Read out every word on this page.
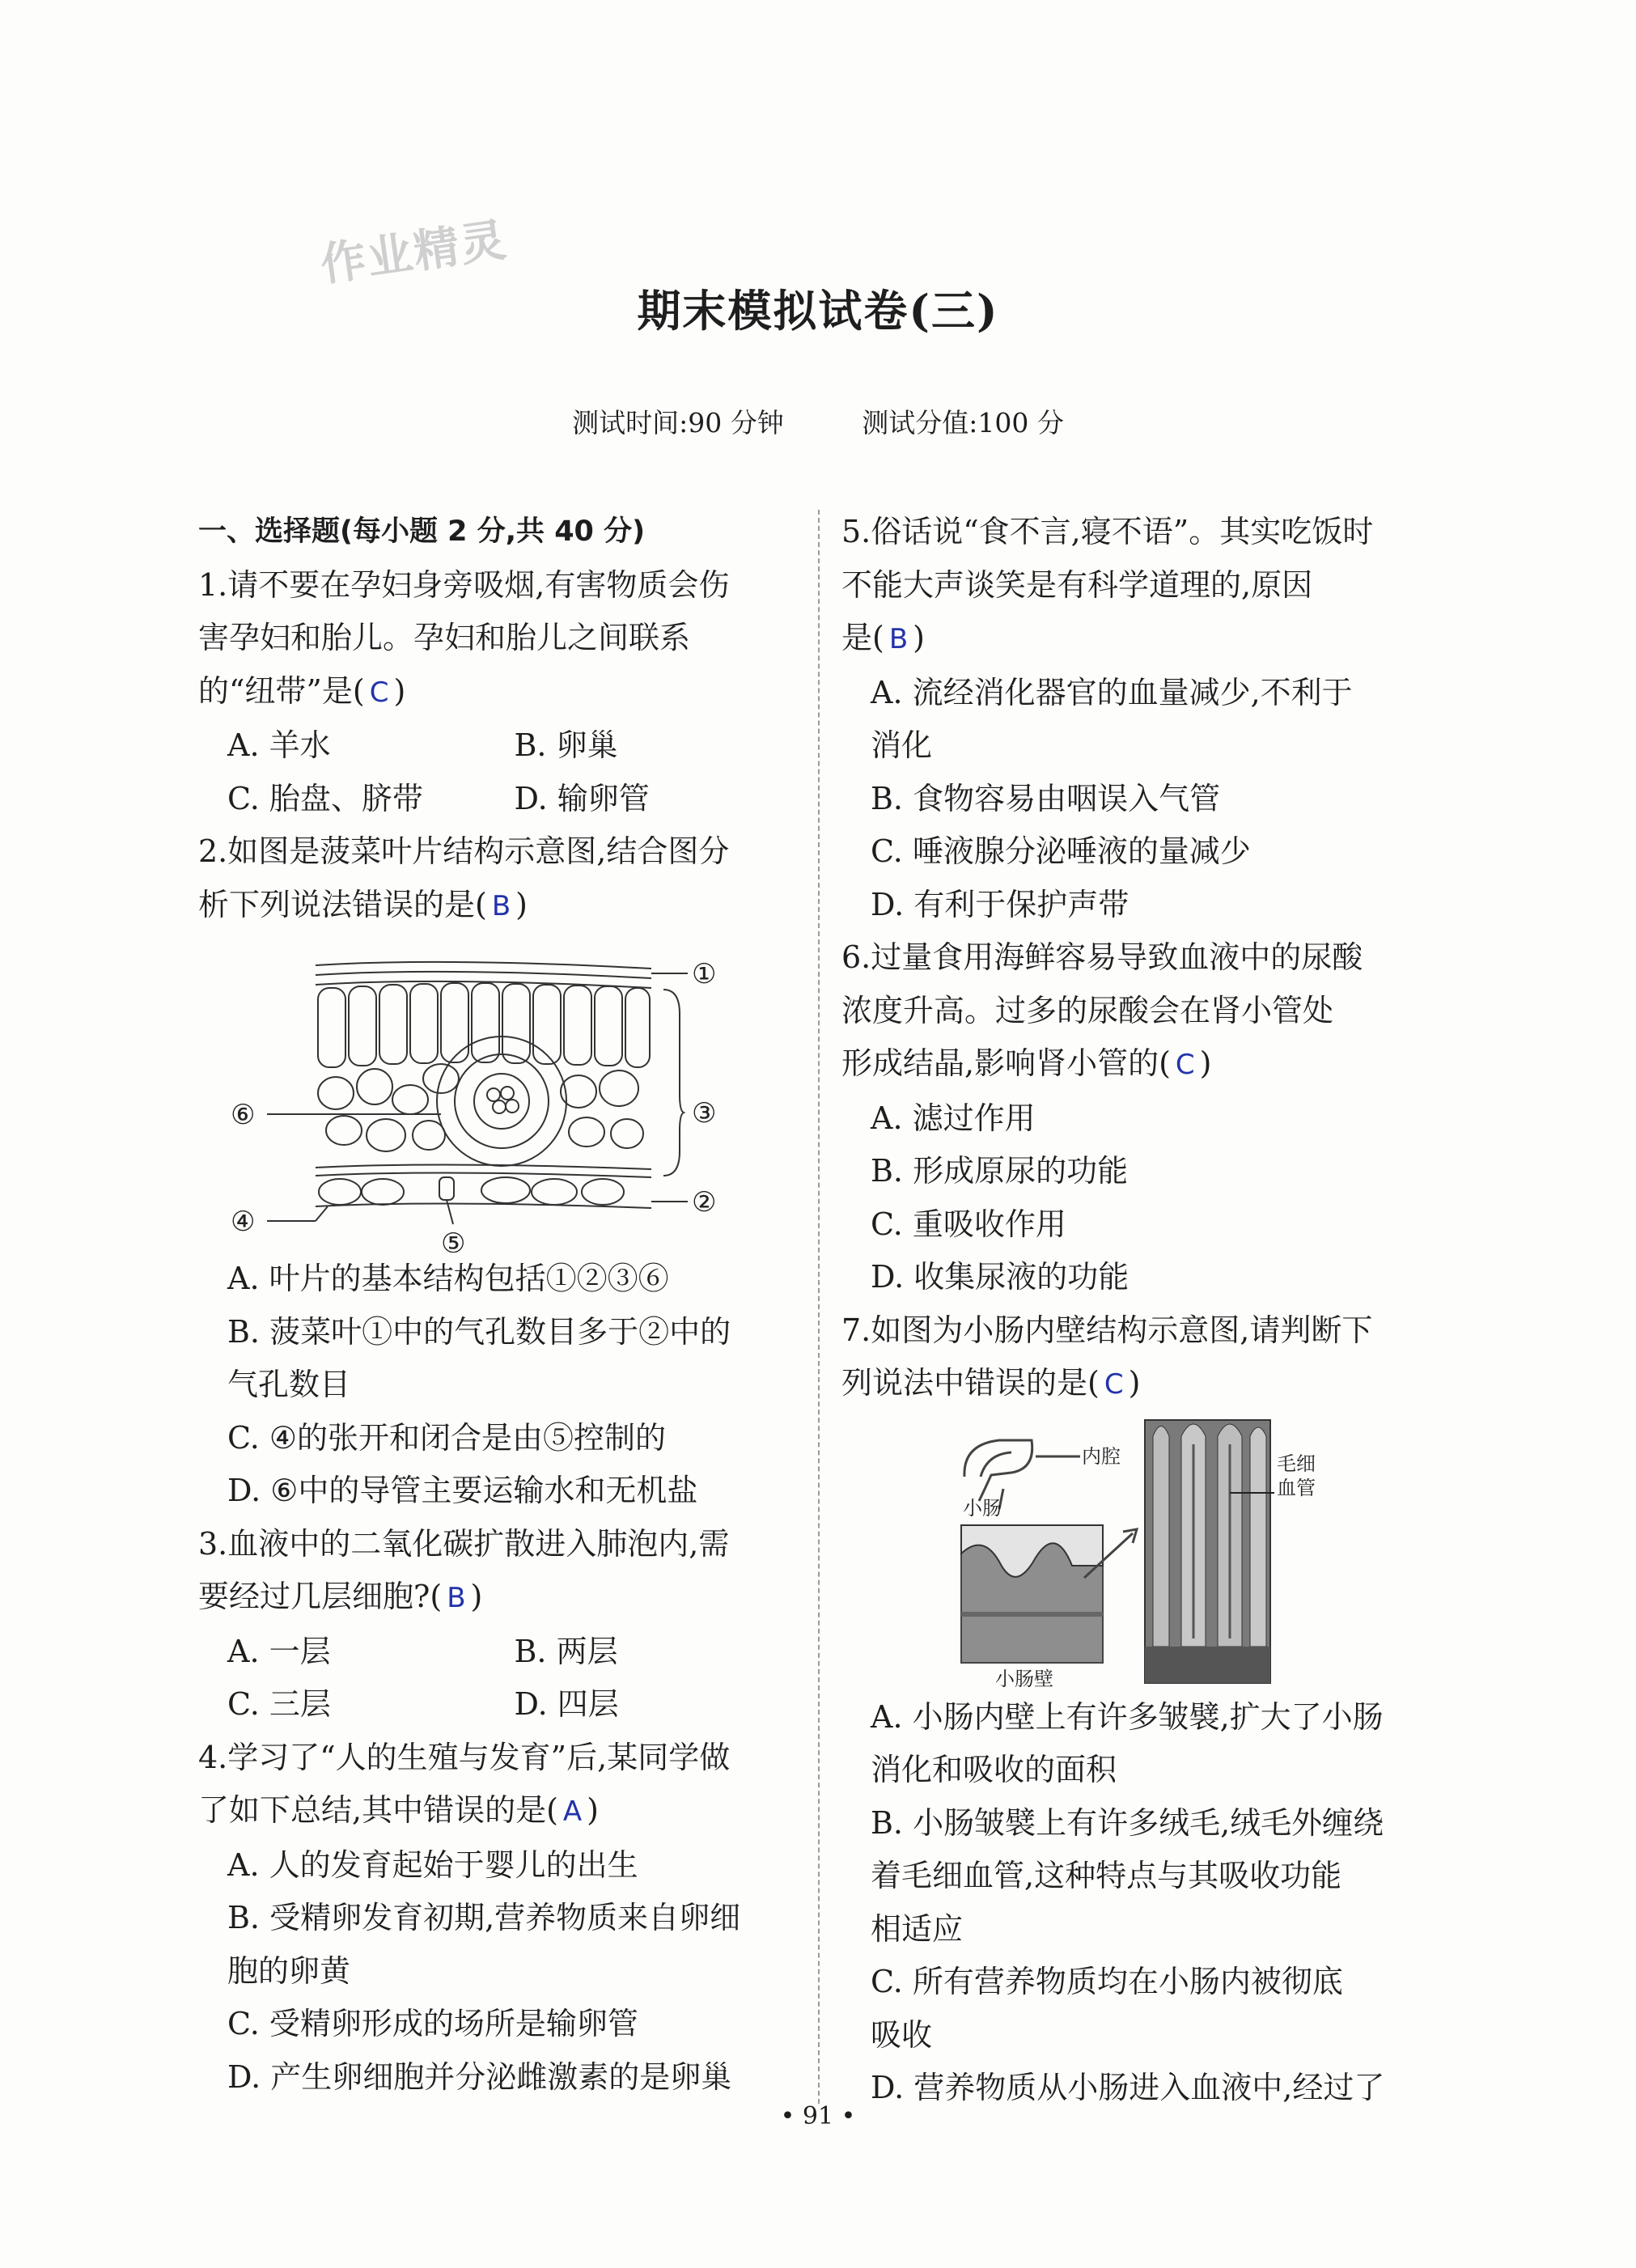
作业精灵
期末模拟试卷(三)
测试时间:90 分钟	测试分值:100 分
一、选择题(每小题 2 分,共 40 分)
1.请不要在孕妇身旁吸烟,有害物质会伤
害孕妇和胎儿。孕妇和胎儿之间联系
的“纽带”是( C )
A. 羊水	B. 卵巢
C. 胎盘、脐带	D. 输卵管
2.如图是菠菜叶片结构示意图,结合图分
析下列说法错误的是( B )
①
②
③
④
⑤
⑥
A. 叶片的基本结构包括①②③⑥
B. 菠菜叶①中的气孔数目多于②中的
气孔数目
C. ④的张开和闭合是由⑤控制的
D. ⑥中的导管主要运输水和无机盐
3.血液中的二氧化碳扩散进入肺泡内,需
要经过几层细胞?( B )
A. 一层	B. 两层
C. 三层	D. 四层
4.学习了“人的生殖与发育”后,某同学做
了如下总结,其中错误的是( A )
A. 人的发育起始于婴儿的出生
B. 受精卵发育初期,营养物质来自卵细
胞的卵黄
C. 受精卵形成的场所是输卵管
D. 产生卵细胞并分泌雌激素的是卵巢
5.俗话说“食不言,寝不语”。其实吃饭时
不能大声谈笑是有科学道理的,原因
是( B )
A. 流经消化器官的血量减少,不利于
消化
B. 食物容易由咽误入气管
C. 唾液腺分泌唾液的量减少
D. 有利于保护声带
6.过量食用海鲜容易导致血液中的尿酸
浓度升高。过多的尿酸会在肾小管处
形成结晶,影响肾小管的( C )
A. 滤过作用
B. 形成原尿的功能
C. 重吸收作用
D. 收集尿液的功能
7.如图为小肠内壁结构示意图,请判断下
列说法中错误的是( C )
内腔
小肠
小肠壁
毛细
血管
A. 小肠内壁上有许多皱襞,扩大了小肠
消化和吸收的面积
B. 小肠皱襞上有许多绒毛,绒毛外缠绕
着毛细血管,这种特点与其吸收功能
相适应
C. 所有营养物质均在小肠内被彻底
吸收
D. 营养物质从小肠进入血液中,经过了
• 91 •
